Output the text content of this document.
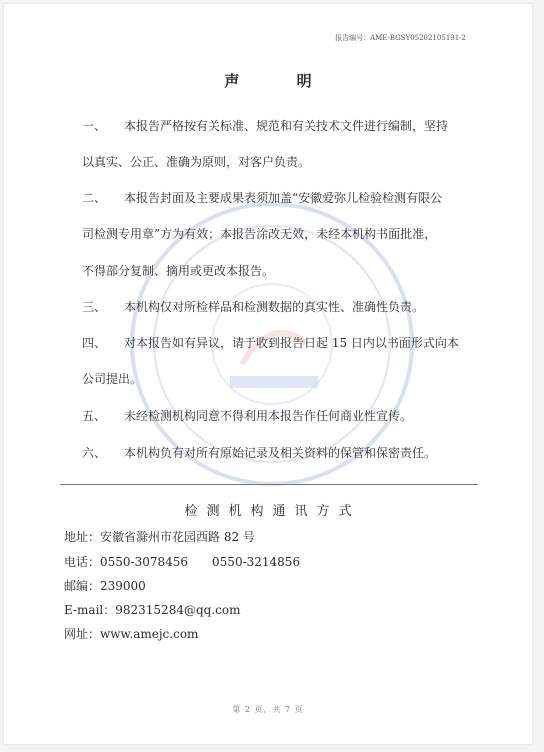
报告编号：AME-BGSY05202105191-2
声 明
一、 本报告严格按有关标准、规范和有关技术文件进行编制，坚持
以真实、公正、准确为原则，对客户负责。
二、 本报告封面及主要成果表须加盖“安徽爱弥儿检验检测有限公
司检测专用章”方为有效；本报告涂改无效，未经本机构书面批准，
不得部分复制、摘用或更改本报告。
三、 本机构仅对所检样品和检测数据的真实性、准确性负责。
四、 对本报告如有异议，请于收到报告日起 15 日内以书面形式向本
公司提出。
五、 未经检测机构同意不得利用本报告作任何商业性宣传。
六、 本机构负有对所有原始记录及相关资料的保管和保密责任。
检测机构通讯方式
地址：安徽省滁州市花园西路 82 号
电话：0550-3078456　　0550-3214856
邮编：239000
E-mail：982315284@qq.com
网址：www.amejc.com
第 2 页，共 7 页
